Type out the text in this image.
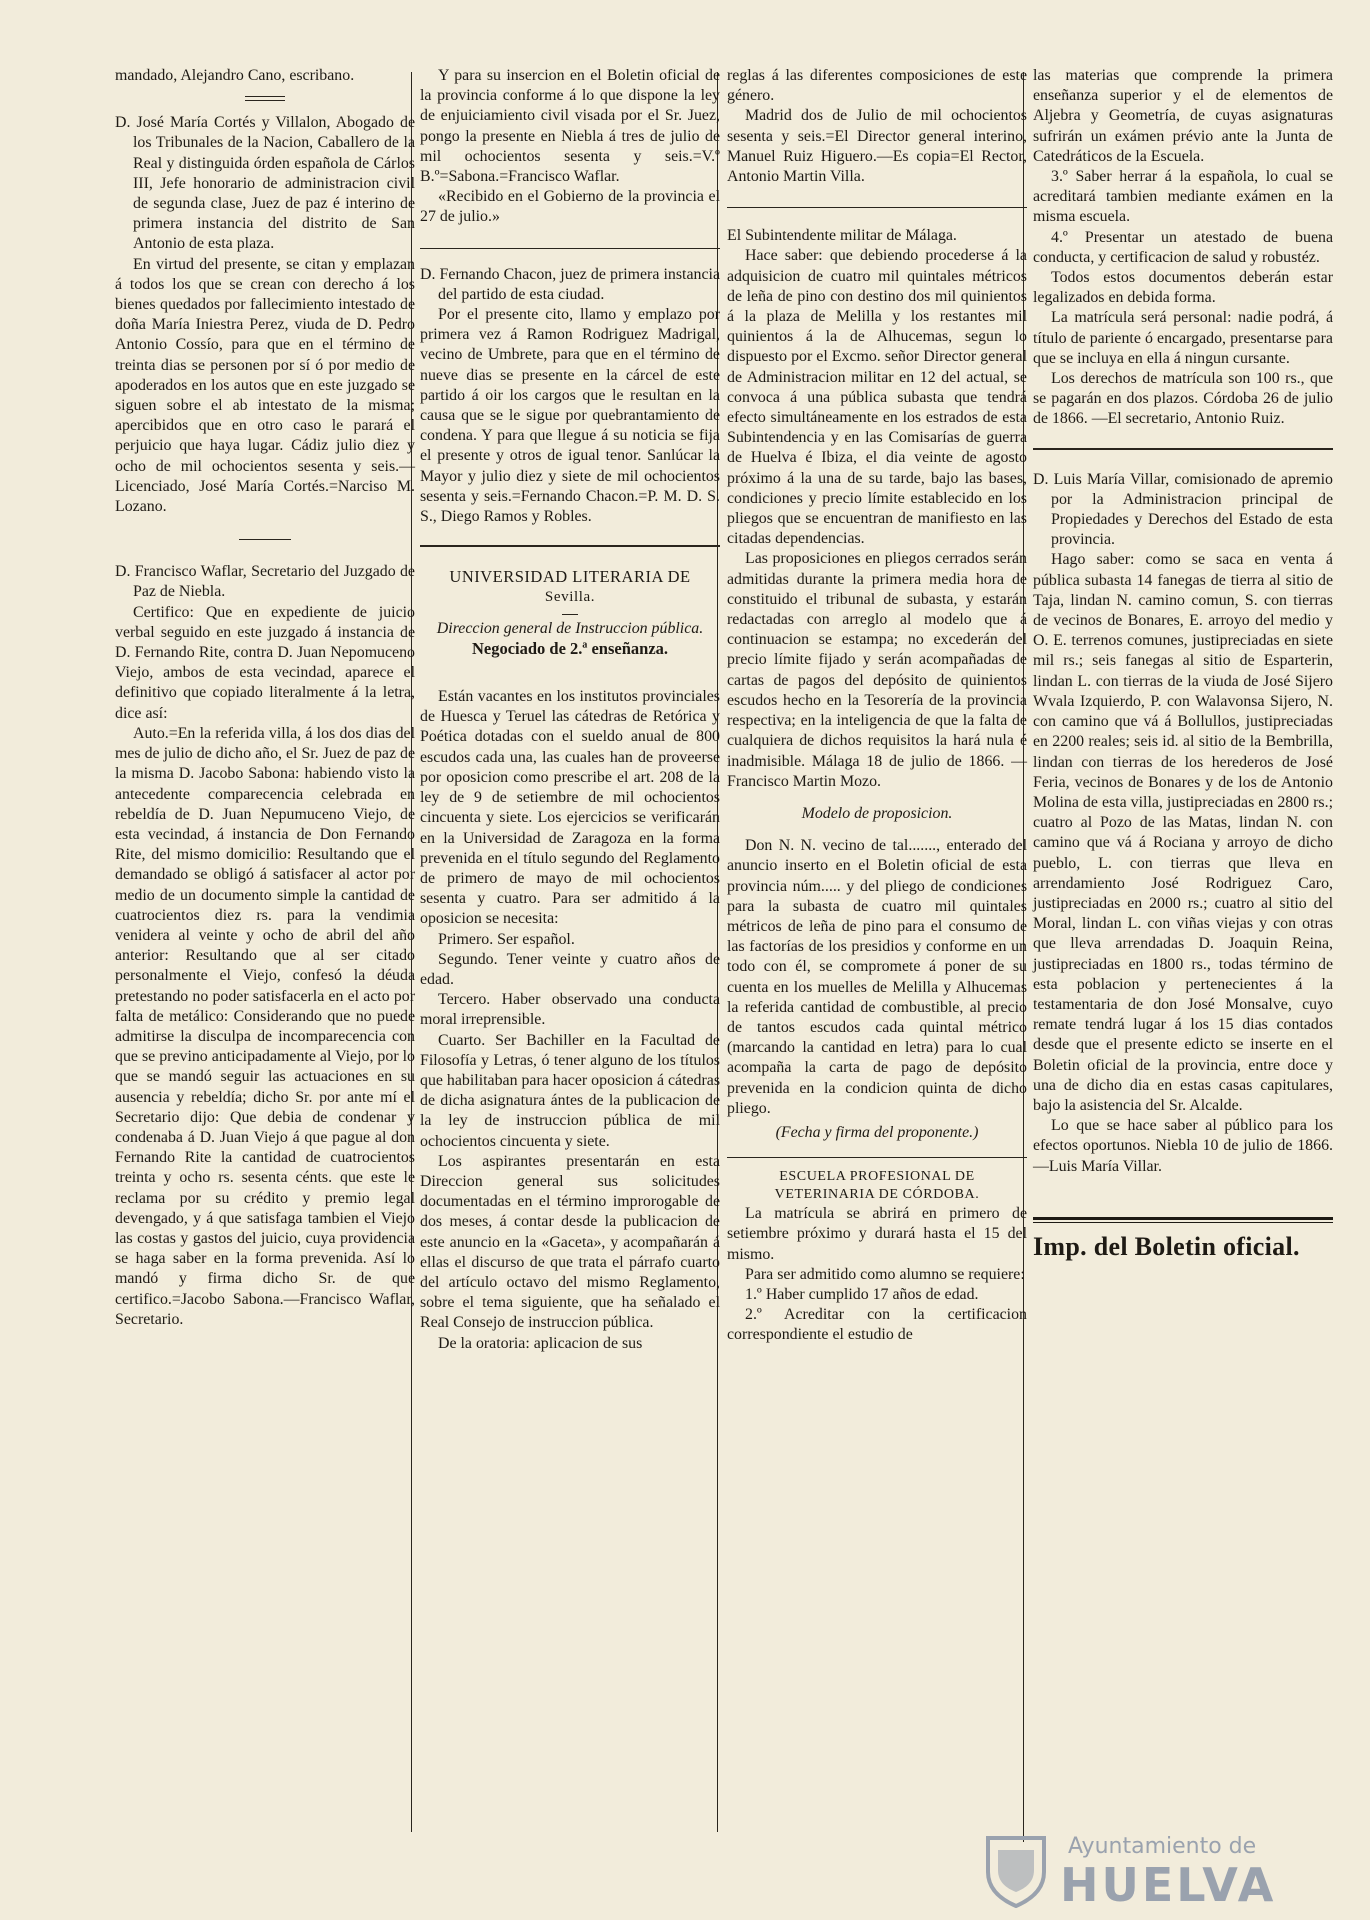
mandado, Alejandro Cano, escribano.

D. José María Cortés y Villalon, Abogado de los Tribunales de la Nacion, Caballero de la Real y distinguida órden española de Cárlos III, Jefe honorario de administracion civil de segunda clase, Juez de paz é interino de primera instancia del distrito de San Antonio de esta plaza.

En virtud del presente, se citan y emplazan á todos los que se crean con derecho á los bienes quedados por fallecimiento intestado de doña María Iniestra Perez, viuda de D. Pedro Antonio Cossío, para que en el término de treinta dias se personen por sí ó por medio de apoderados en los autos que en este juzgado se siguen sobre el ab intestato de la misma; apercibidos que en otro caso le parará el perjuicio que haya lugar. Cádiz julio diez y ocho de mil ochocientos sesenta y seis.—Licenciado, José María Cortés.=Narciso M. Lozano.

D. Francisco Waflar, Secretario del Juzgado de Paz de Niebla.

Certifico: Que en expediente de juicio verbal seguido en este juzgado á instancia de D. Fernando Rite, contra D. Juan Nepomuceno Viejo, ambos de esta vecindad, aparece el definitivo que copiado literalmente á la letra, dice así:

Auto.=En la referida villa, á los dos dias del mes de julio de dicho año, el Sr. Juez de paz de la misma D. Jacobo Sabona: habiendo visto la antecedente comparecencia celebrada en rebeldía de D. Juan Nepumuceno Viejo, de esta vecindad, á instancia de Don Fernando Rite, del mismo domicilio: Resultando que el demandado se obligó á satisfacer al actor por medio de un documento simple la cantidad de cuatrocientos diez rs. para la vendimia venidera al veinte y ocho de abril del año anterior: Resultando que al ser citado personalmente el Viejo, confesó la déuda pretestando no poder satisfacerla en el acto por falta de metálico: Considerando que no puede admitirse la disculpa de incomparecencia con que se previno anticipadamente al Viejo, por lo que se mandó seguir las actuaciones en su ausencia y rebeldía; dicho Sr. por ante mí el Secretario dijo: Que debia de condenar y condenaba á D. Juan Viejo á que pague al don Fernando Rite la cantidad de cuatrocientos treinta y ocho rs. sesenta cénts. que este le reclama por su crédito y premio legal devengado, y á que satisfaga tambien el Viejo las costas y gastos del juicio, cuya providencia se haga saber en la forma prevenida. Así lo mandó y firma dicho Sr. de que certifico.=Jacobo Sabona.—Francisco Waflar, Secretario.

Y para su insercion en el Boletin oficial de la provincia conforme á lo que dispone la ley de enjuiciamiento civil visada por el Sr. Juez, pongo la presente en Niebla á tres de julio de mil ochocientos sesenta y seis.=V.º B.º=Sabona.=Francisco Waflar.

«Recibido en el Gobierno de la provincia el 27 de julio.»

D. Fernando Chacon, juez de primera instancia del partido de esta ciudad.

Por el presente cito, llamo y emplazo por primera vez á Ramon Rodriguez Madrigal, vecino de Umbrete, para que en el término de nueve dias se presente en la cárcel de este partido á oir los cargos que le resultan en la causa que se le sigue por quebrantamiento de condena. Y para que llegue á su noticia se fija el presente y otros de igual tenor. Sanlúcar la Mayor y julio diez y siete de mil ochocientos sesenta y seis.=Fernando Chacon.=P. M. D. S. S., Diego Ramos y Robles.

UNIVERSIDAD LITERARIA DE

Sevilla.

Direccion general de Instruccion pública.

Negociado de 2.ª enseñanza.

Están vacantes en los institutos provinciales de Huesca y Teruel las cátedras de Retórica y Poética dotadas con el sueldo anual de 800 escudos cada una, las cuales han de proveerse por oposicion como prescribe el art. 208 de la ley de 9 de setiembre de mil ochocientos cincuenta y siete. Los ejercicios se verificarán en la Universidad de Zaragoza en la forma prevenida en el título segundo del Reglamento de primero de mayo de mil ochocientos sesenta y cuatro. Para ser admitido á la oposicion se necesita:

Primero. Ser español.

Segundo. Tener veinte y cuatro años de edad.

Tercero. Haber observado una conducta moral irreprensible.

Cuarto. Ser Bachiller en la Facultad de Filosofía y Letras, ó tener alguno de los títulos que habilitaban para hacer oposicion á cátedras de dicha asignatura ántes de la publicacion de la ley de instruccion pública de mil ochocientos cincuenta y siete.

Los aspirantes presentarán en esta Direccion general sus solicitudes documentadas en el término improrogable de dos meses, á contar desde la publicacion de este anuncio en la «Gaceta», y acompañarán á ellas el discurso de que trata el párrafo cuarto del artículo octavo del mismo Reglamento, sobre el tema siguiente, que ha señalado el Real Consejo de instruccion pública.

De la oratoria: aplicacion de sus

reglas á las diferentes composiciones de este género.

Madrid dos de Julio de mil ochocientos sesenta y seis.=El Director general interino, Manuel Ruiz Higuero.—Es copia=El Rector, Antonio Martin Villa.

El Subintendente militar de Málaga.

Hace saber: que debiendo procederse á la adquisicion de cuatro mil quintales métricos de leña de pino con destino dos mil quinientos á la plaza de Melilla y los restantes mil quinientos á la de Alhucemas, segun lo dispuesto por el Excmo. señor Director general de Administracion militar en 12 del actual, se convoca á una pública subasta que tendrá efecto simultáneamente en los estrados de esta Subintendencia y en las Comisarías de guerra de Huelva é Ibiza, el dia veinte de agosto próximo á la una de su tarde, bajo las bases, condiciones y precio límite establecido en los pliegos que se encuentran de manifiesto en las citadas dependencias.

Las proposiciones en pliegos cerrados serán admitidas durante la primera media hora de constituido el tribunal de subasta, y estarán redactadas con arreglo al modelo que á continuacion se estampa; no excederán del precio límite fijado y serán acompañadas de cartas de pagos del depósito de quinientos escudos hecho en la Tesorería de la provincia respectiva; en la inteligencia de que la falta de cualquiera de dichos requisitos la hará nula é inadmisible. Málaga 18 de julio de 1866. —Francisco Martin Mozo.

Modelo de proposicion.

Don N. N. vecino de tal......., enterado del anuncio inserto en el Boletin oficial de esta provincia núm..... y del pliego de condiciones para la subasta de cuatro mil quintales métricos de leña de pino para el consumo de las factorías de los presidios y conforme en un todo con él, se compromete á poner de su cuenta en los muelles de Melilla y Alhucemas la referida cantidad de combustible, al precio de tantos escudos cada quintal métrico (marcando la cantidad en letra) para lo cual acompaña la carta de pago de depósito prevenida en la condicion quinta de dicho pliego.

(Fecha y firma del proponente.)

ESCUELA PROFESIONAL DE VETERINARIA DE CÓRDOBA.

La matrícula se abrirá en primero de setiembre próximo y durará hasta el 15 del mismo.

Para ser admitido como alumno se requiere:

1.º Haber cumplido 17 años de edad.

2.º Acreditar con la certificacion correspondiente el estudio de

las materias que comprende la primera enseñanza superior y el de elementos de Aljebra y Geometría, de cuyas asignaturas sufrirán un exámen prévio ante la Junta de Catedráticos de la Escuela.

3.º Saber herrar á la española, lo cual se acreditará tambien mediante exámen en la misma escuela.

4.º Presentar un atestado de buena conducta, y certificacion de salud y robustéz.

Todos estos documentos deberán estar legalizados en debida forma.

La matrícula será personal: nadie podrá, á título de pariente ó encargado, presentarse para que se incluya en ella á ningun cursante.

Los derechos de matrícula son 100 rs., que se pagarán en dos plazos. Córdoba 26 de julio de 1866. —El secretario, Antonio Ruiz.

D. Luis María Villar, comisionado de apremio por la Administracion principal de Propiedades y Derechos del Estado de esta provincia.

Hago saber: como se saca en venta á pública subasta 14 fanegas de tierra al sitio de Taja, lindan N. camino comun, S. con tierras de vecinos de Bonares, E. arroyo del medio y O. E. terrenos comunes, justipreciadas en siete mil rs.; seis fanegas al sitio de Esparterin, lindan L. con tierras de la viuda de José Sijero Wvala Izquierdo, P. con Walavonsa Sijero, N. con camino que vá á Bollullos, justipreciadas en 2200 reales; seis id. al sitio de la Bembrilla, lindan con tierras de los herederos de José Feria, vecinos de Bonares y de los de Antonio Molina de esta villa, justipreciadas en 2800 rs.; cuatro al Pozo de las Matas, lindan N. con camino que vá á Rociana y arroyo de dicho pueblo, L. con tierras que lleva en arrendamiento José Rodriguez Caro, justipreciadas en 2000 rs.; cuatro al sitio del Moral, lindan L. con viñas viejas y con otras que lleva arrendadas D. Joaquin Reina, justipreciadas en 1800 rs., todas término de esta poblacion y pertenecientes á la testamentaria de don José Monsalve, cuyo remate tendrá lugar á los 15 dias contados desde que el presente edicto se inserte en el Boletin oficial de la provincia, entre doce y una de dicho dia en estas casas capitulares, bajo la asistencia del Sr. Alcalde.

Lo que se hace saber al público para los efectos oportunos. Niebla 10 de julio de 1866.—Luis María Villar.

Imp. del Boletin oficial.

Ayuntamiento de
HUELVA
